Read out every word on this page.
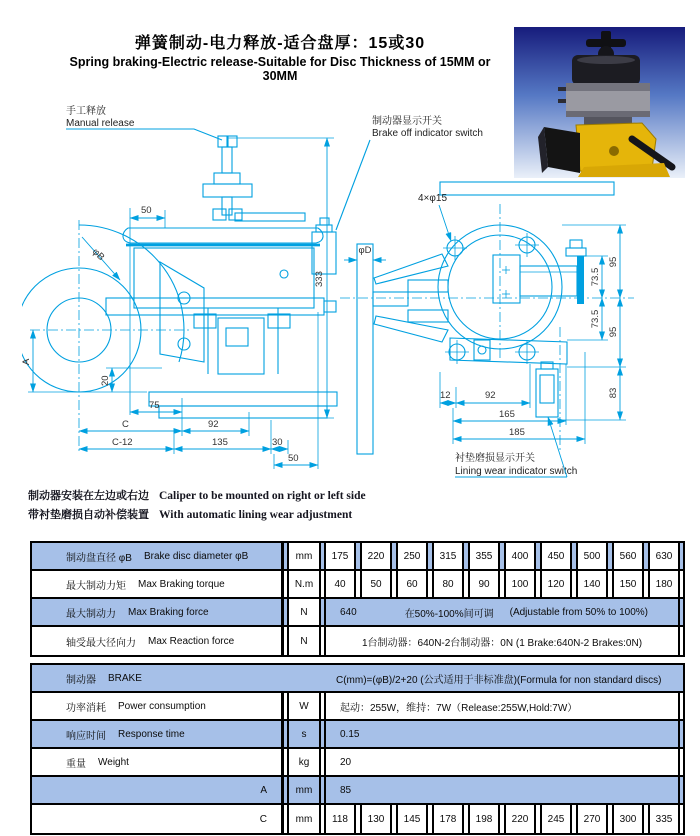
弹簧制动-电力释放-适合盘厚：15或30
Spring braking-Electric release-Suitable for Disc Thickness of 15MM or 30MM
手工释放
Manual release	制动器显示开关
Brake off indicator switch
50
333
φB
A
20
75
C	92
C-12	135	30
50
4×φ15
φD
衬垫磨损显示开关
Lining wear indicator switch
73.5
73.5
95
95
83
12	92
165
185
制动器安装在左边或右边 Caliper to be mounted on right or left side
带衬垫磨损自动补偿装置 With automatic lining wear adjustment
制动盘直径 φB Brake disc diameter φB	mm	175	220	250	315	355	400	450	500	560	630
最大制动力矩 Max Braking torque	N.m	40	50	60	80	90	100	120	140	150	180
最大制动力 Max Braking force	N	640	在50%-100%间可调 (Adjustable from 50% to 100%)
轴受最大径向力 Max Reaction force	N	1台制动器：640N-2台制动器：0N (1 Brake:640N-2 Brakes:0N)
制动器 BRAKE	C(mm)=(φB)/2+20 (公式适用于非标准盘)(Formula for non standard discs)
功率消耗 Power consumption	W	起动：255W，维持：7W（Release:255W,Hold:7W）
响应时间 Response time	s	0.15
重量 Weight	kg	20
A	mm	85
C	mm	118	130	145	178	198	220	245	270	300	335
